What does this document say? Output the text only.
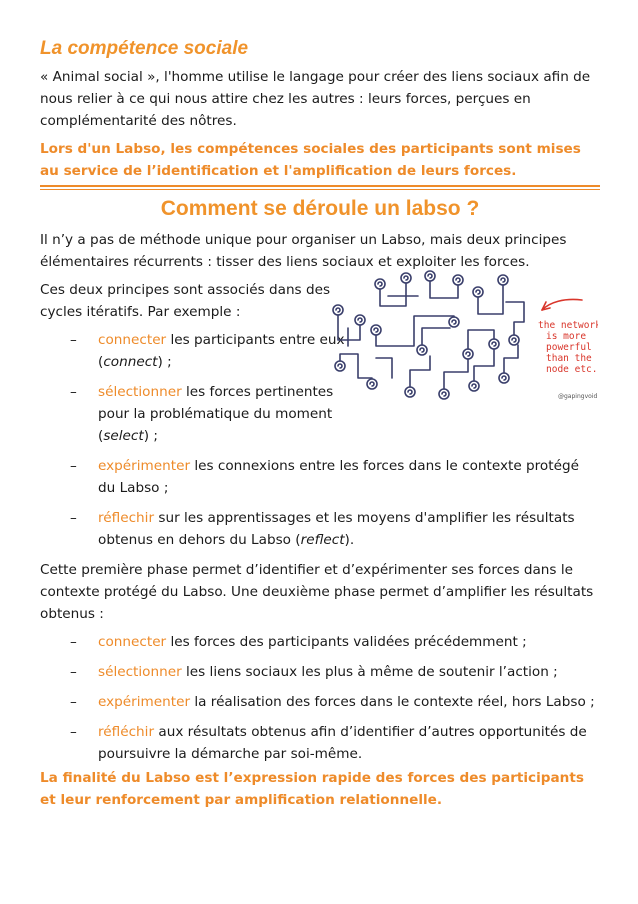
La compétence sociale

« Animal social », l'homme utilise le langage pour créer des liens sociaux afin de nous relier à ce qui nous attire chez les autres : leurs forces, perçues en complémentarité des nôtres.

Lors d'un Labso, les compétences sociales des participants sont mises au service de l’identification et l'amplification de leurs forces.

Comment se déroule un labso ?

Il n’y a pas de méthode unique pour organiser un Labso, mais deux principes élémentaires récurrents : tisser des liens sociaux et exploiter les forces.

Ces deux principes sont associés dans des cycles itératifs. Par exemple :

– connecter les participants entre eux (connect) ;
– sélectionner les forces pertinentes pour la problématique du moment (select) ;
– expérimenter les connexions entre les forces dans le contexte protégé du Labso ;
– réflechir sur les apprentissages et les moyens d'amplifier les résultats obtenus en dehors du Labso (reflect).

Cette première phase permet d’identifier et d’expérimenter ses forces dans le contexte protégé du Labso. Une deuxième phase permet d’amplifier les résultats obtenus :

– connecter les forces des participants validées précédemment ;
– sélectionner les liens sociaux les plus à même de soutenir l’action ;
– expérimenter la réalisation des forces dans le contexte réel, hors Labso ;
– réfléchir aux résultats obtenus afin d’identifier d’autres opportunités de poursuivre la démarche par soi-même.

La finalité du Labso est l’expression rapide des forces des participants et leur renforcement par amplification relationnelle.

the network
is more
powerful
than the
node etc.
@gapingvoid
